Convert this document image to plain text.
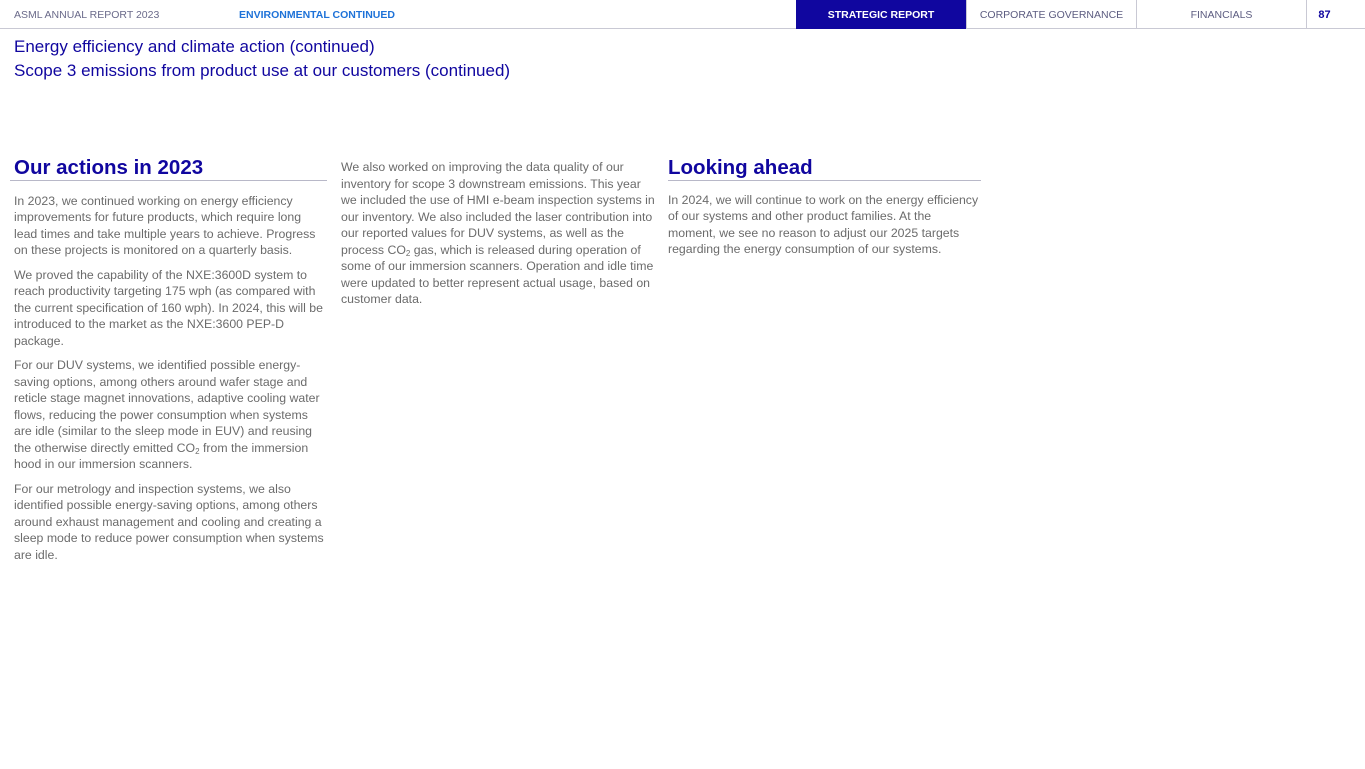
ASML ANNUAL REPORT 2023	ENVIRONMENTAL CONTINUED	STRATEGIC REPORT	CORPORATE GOVERNANCE	FINANCIALS	87
Energy efficiency and climate action (continued)
Scope 3 emissions from product use at our customers (continued)
Our actions in 2023

In 2023, we continued working on energy efficiency improvements for future products, which require long lead times and take multiple years to achieve. Progress on these projects is monitored on a quarterly basis.

We proved the capability of the NXE:3600D system to reach productivity targeting 175 wph (as compared with the current specification of 160 wph). In 2024, this will be introduced to the market as the NXE:3600 PEP-D package.

For our DUV systems, we identified possible energy-saving options, among others around wafer stage and reticle stage magnet innovations, adaptive cooling water flows, reducing the power consumption when systems are idle (similar to the sleep mode in EUV) and reusing the otherwise directly emitted $CO_2$ from the immersion hood in our immersion scanners.

For our metrology and inspection systems, we also identified possible energy-saving options, among others around exhaust management and cooling and creating a sleep mode to reduce power consumption when systems are idle.

We also worked on improving the data quality of our inventory for scope 3 downstream emissions. This year we included the use of HMI e-beam inspection systems in our inventory. We also included the laser contribution into our reported values for DUV systems, as well as the process $CO_2$ gas, which is released during operation of some of our immersion scanners. Operation and idle time were updated to better represent actual usage, based on customer data.

Looking ahead

In 2024, we will continue to work on the energy efficiency of our systems and other product families. At the moment, we see no reason to adjust our 2025 targets regarding the energy consumption of our systems.
